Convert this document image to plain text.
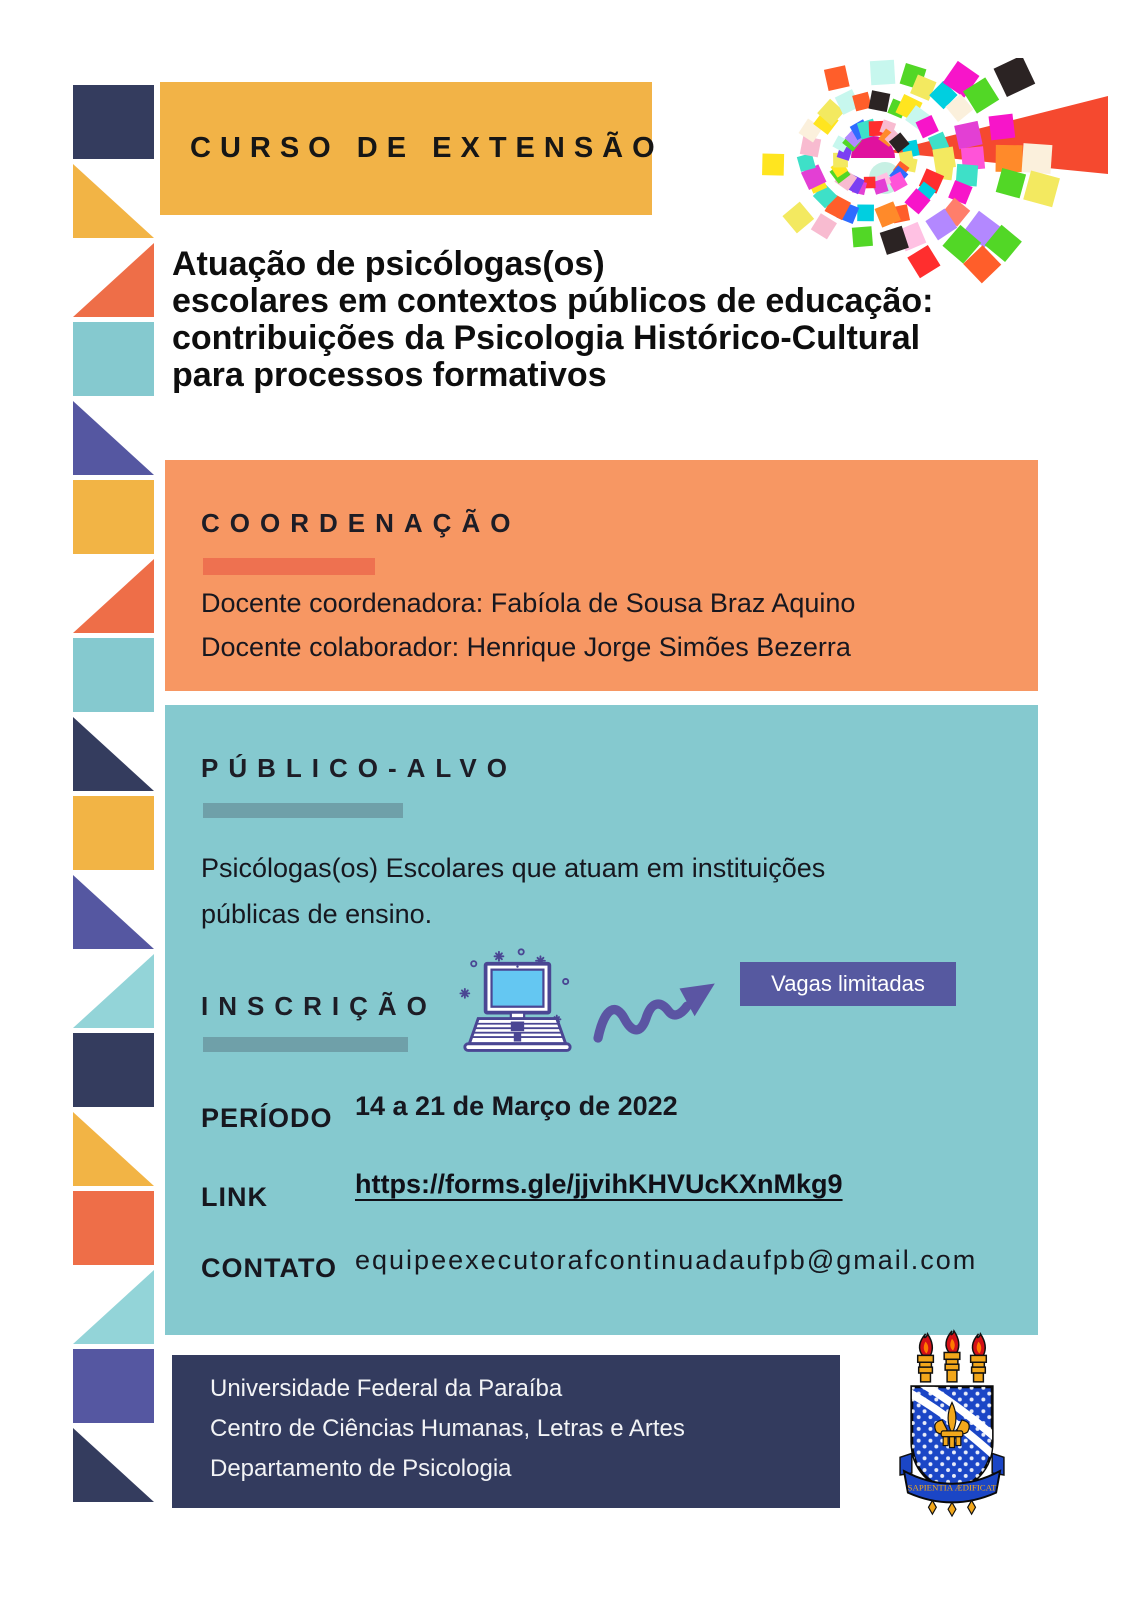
CURSO DE EXTENSÃO
Atuação de psicólogas(os)
escolares em contextos públicos de educação:
contribuições da Psicologia Histórico-Cultural
para processos formativos
COORDENAÇÃO

Docente coordenadora: Fabíola de Sousa Braz Aquino

Docente colaborador: Henrique Jorge Simões Bezerra

PÚBLICO-ALVO

Psicólogas(os) Escolares que atuam em instituições

públicas de ensino.

INSCRIÇÃO
Vagas limitadas

PERÍODO 14 a 21 de Março de 2022

LINK	https://forms.gle/jjvihKHVUcKXnMkg9

CONTATO equipeexecutorafcontinuadaufpb@gmail.com

Universidade Federal da Paraíba
Centro de Ciências Humanas, Letras e Artes
Departamento de Psicologia
SAPIENTIA ÆDIFICAT
